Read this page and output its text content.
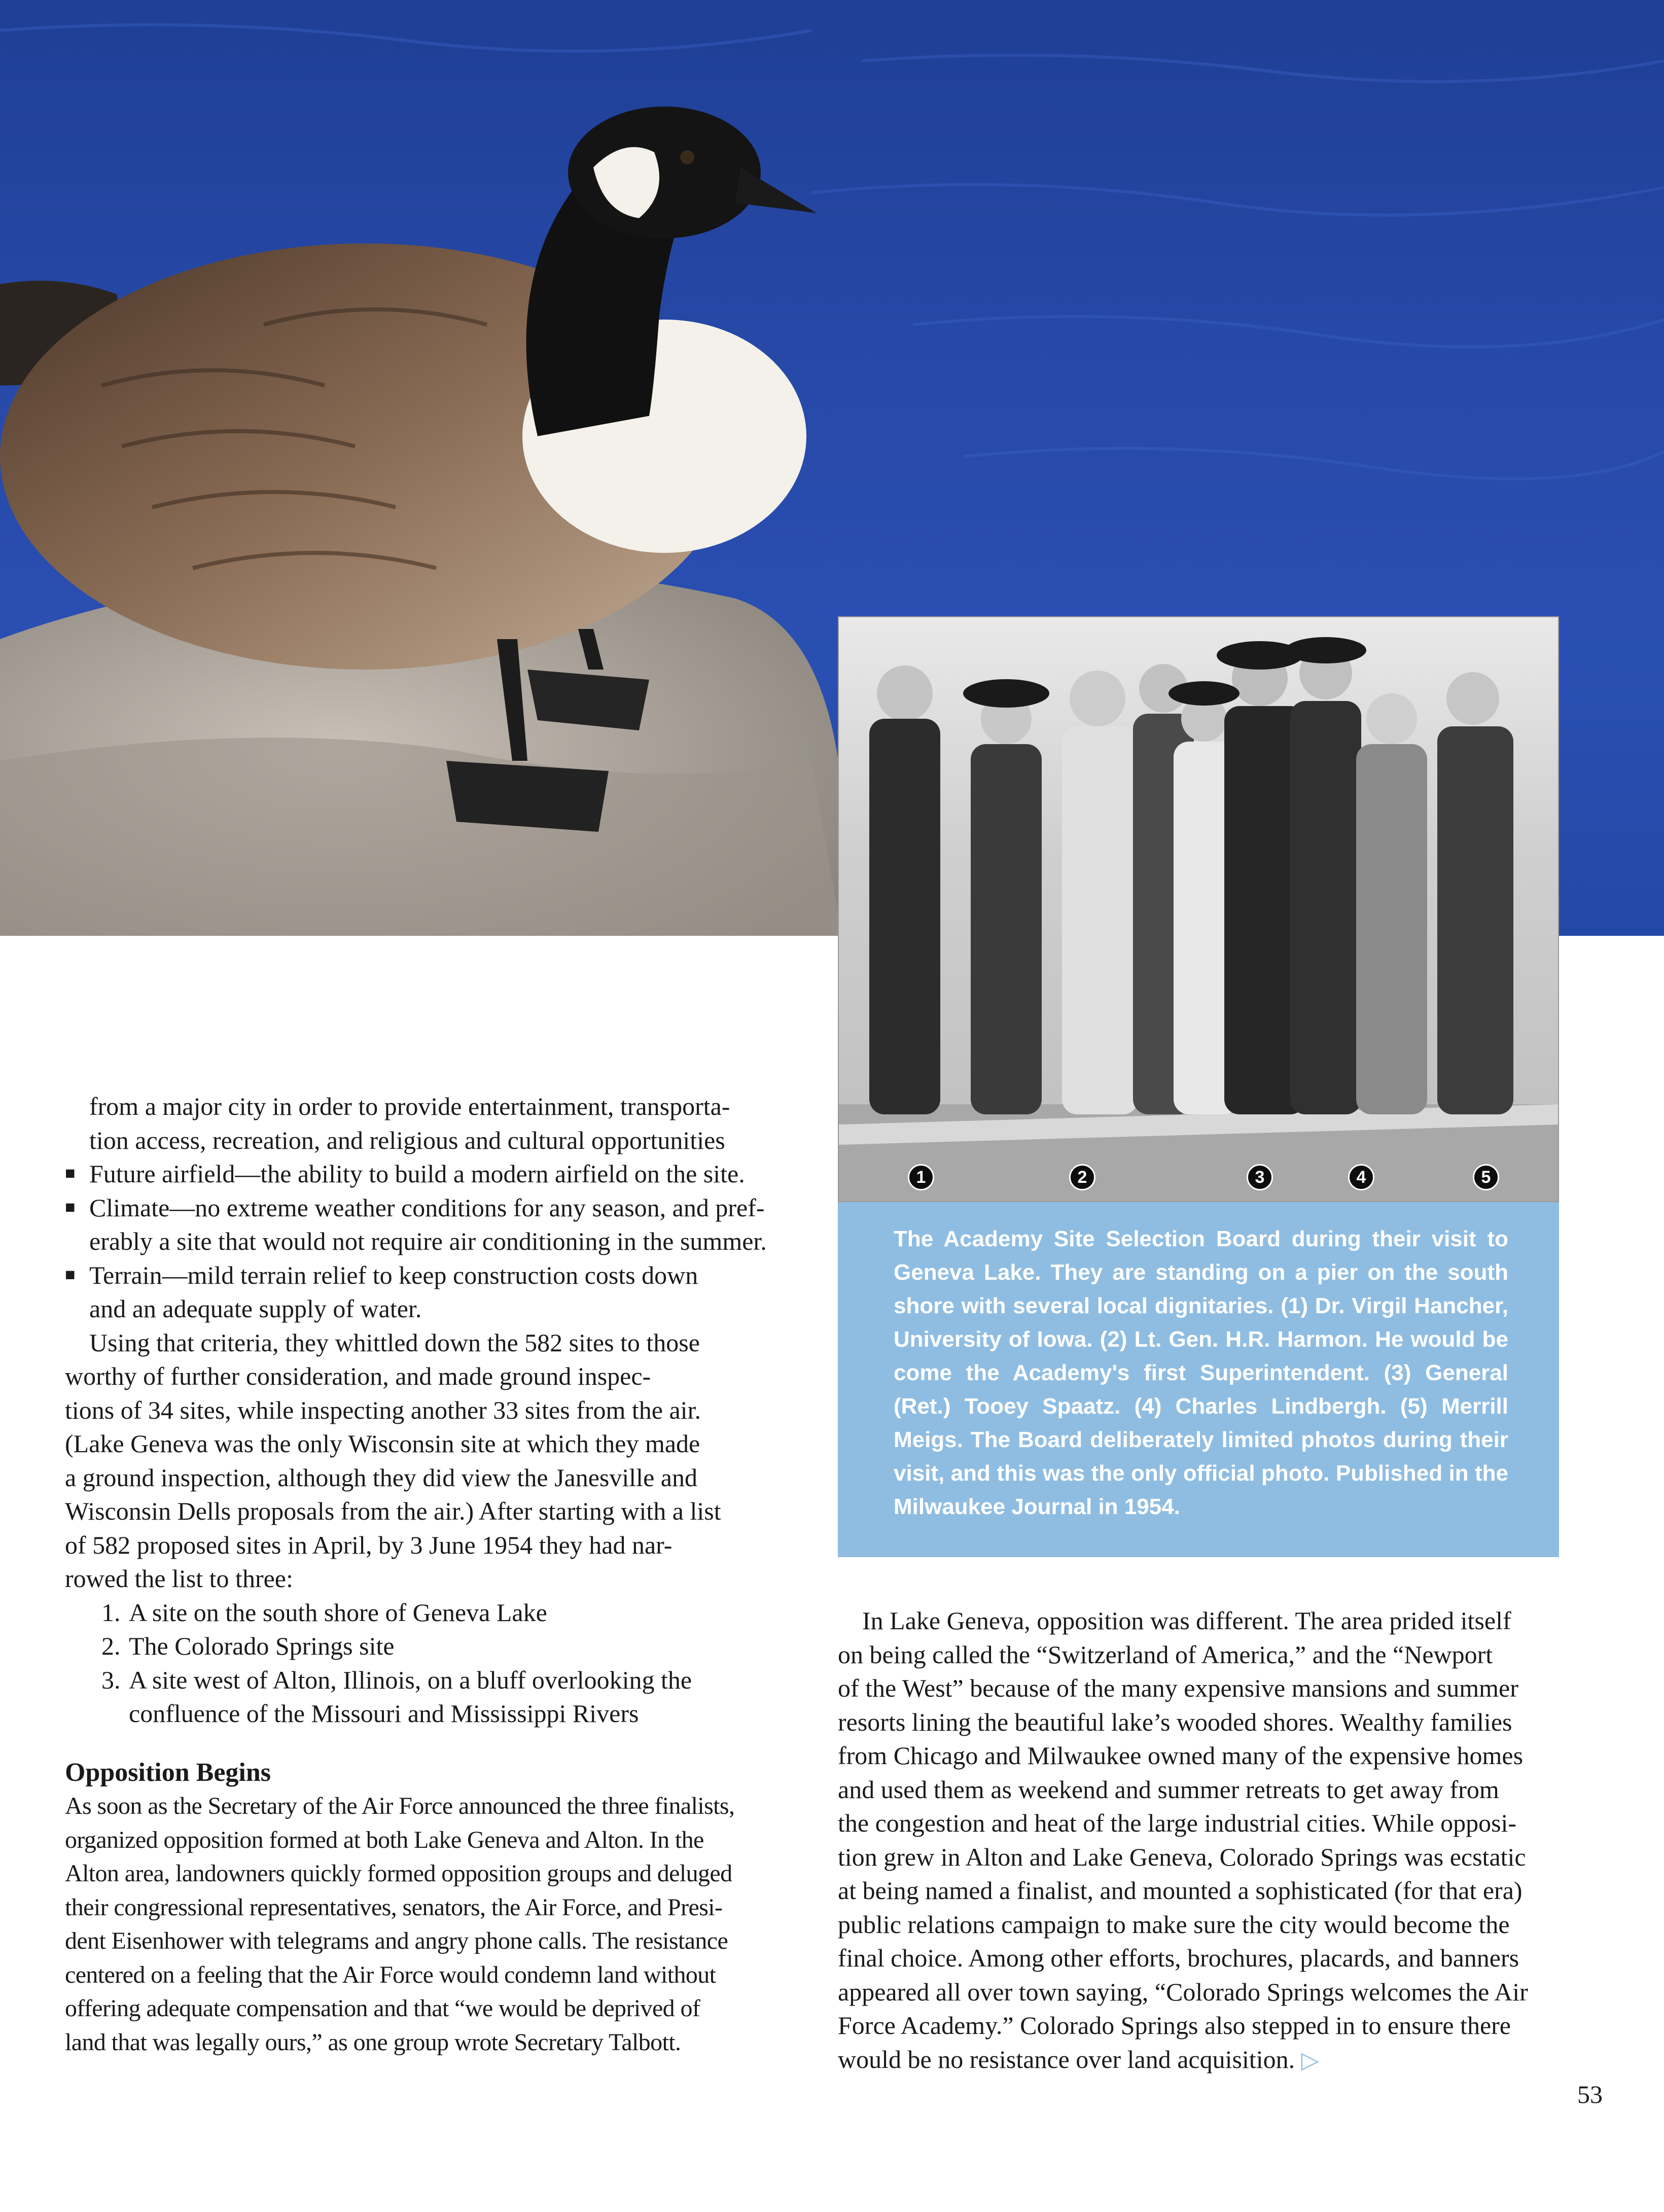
1	2	3	4	5
The Academy Site Selection Board during their visit to Geneva Lake. They are standing on a pier on the south shore with several local dignitaries. (1) Dr. Virgil Hancher, University of Iowa. (2) Lt. Gen. H.R. Harmon. He would be come the Academy's first Superintendent. (3) General (Ret.) Tooey Spaatz. (4) Charles Lindbergh. (5) Merrill Meigs. The Board deliberately limited photos during their visit, and this was the only official photo. Published in the Milwaukee Journal in 1954.
from a major city in order to provide entertainment, transporta-
tion access, recreation, and religious and cultural opportunities
■ Future airfield—the ability to build a modern airfield on the site.
■ Climate—no extreme weather conditions for any season, and pref-
erably a site that would not require air conditioning in the summer.
■ Terrain—mild terrain relief to keep construction costs down
and an adequate supply of water.
Using that criteria, they whittled down the 582 sites to those
worthy of further consideration, and made ground inspec-
tions of 34 sites, while inspecting another 33 sites from the air.
(Lake Geneva was the only Wisconsin site at which they made
a ground inspection, although they did view the Janesville and
Wisconsin Dells proposals from the air.) After starting with a list
of 582 proposed sites in April, by 3 June 1954 they had nar-
rowed the list to three:
1. A site on the south shore of Geneva Lake
2. The Colorado Springs site
3. A site west of Alton, Illinois, on a bluff overlooking the
confluence of the Missouri and Mississippi Rivers
Opposition Begins
As soon as the Secretary of the Air Force announced the three finalists,
organized opposition formed at both Lake Geneva and Alton. In the
Alton area, landowners quickly formed opposition groups and deluged
their congressional representatives, senators, the Air Force, and Presi-
dent Eisenhower with telegrams and angry phone calls. The resistance
centered on a feeling that the Air Force would condemn land without
offering adequate compensation and that “we would be deprived of
land that was legally ours,” as one group wrote Secretary Talbott.
In Lake Geneva, opposition was different. The area prided itself
on being called the “Switzerland of America,” and the “Newport
of the West” because of the many expensive mansions and summer
resorts lining the beautiful lake’s wooded shores. Wealthy families
from Chicago and Milwaukee owned many of the expensive homes
and used them as weekend and summer retreats to get away from
the congestion and heat of the large industrial cities. While opposi-
tion grew in Alton and Lake Geneva, Colorado Springs was ecstatic
at being named a finalist, and mounted a sophisticated (for that era)
public relations campaign to make sure the city would become the
final choice. Among other efforts, brochures, placards, and banners
appeared all over town saying, “Colorado Springs welcomes the Air
Force Academy.” Colorado Springs also stepped in to ensure there
would be no resistance over land acquisition. ▷
53
